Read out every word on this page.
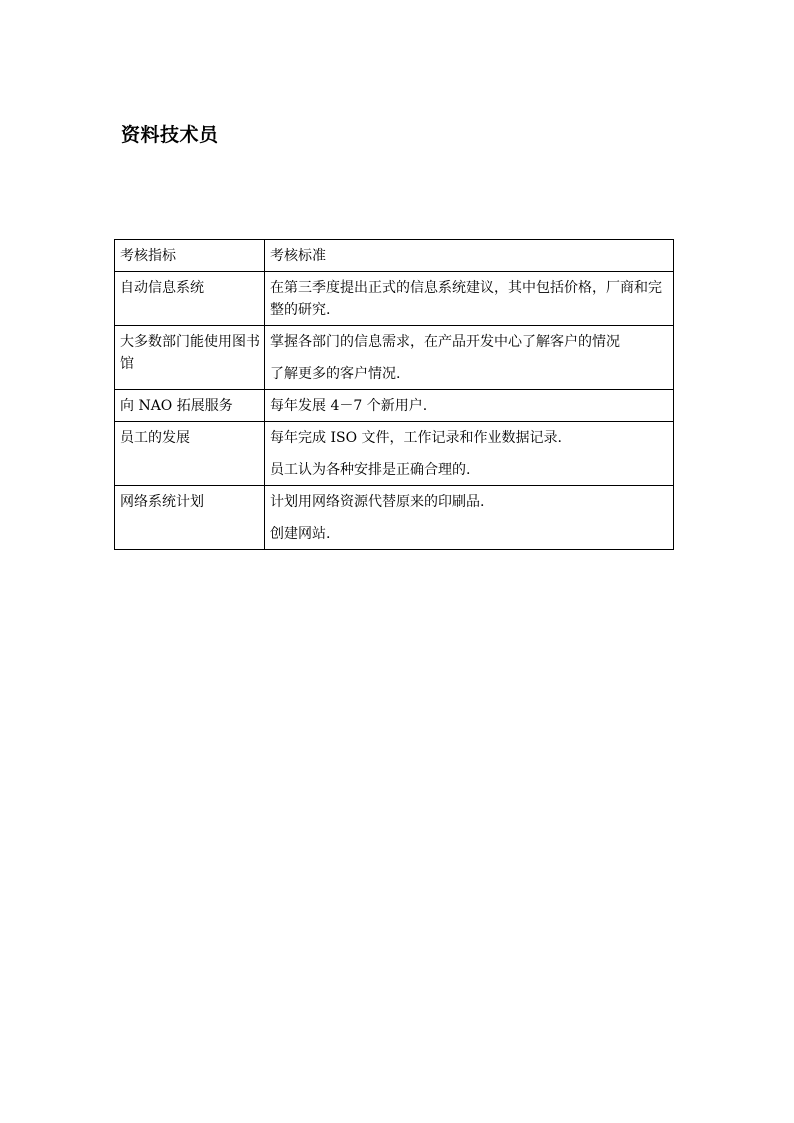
资料技术员
考核指标	考核标准
自动信息系统	在第三季度提出正式的信息系统建议，其中包括价格，厂商和完整的研究.

大多数部门能使用图书馆	掌握各部门的信息需求，在产品开发中心了解客户的情况
了解更多的客户情况.

向 NAO 拓展服务	每年发展 4－7 个新用户.

员工的发展	每年完成 ISO 文件，工作记录和作业数据记录.
员工认为各种安排是正确合理的.

网络系统计划	计划用网络资源代替原来的印刷品.
创建网站.
